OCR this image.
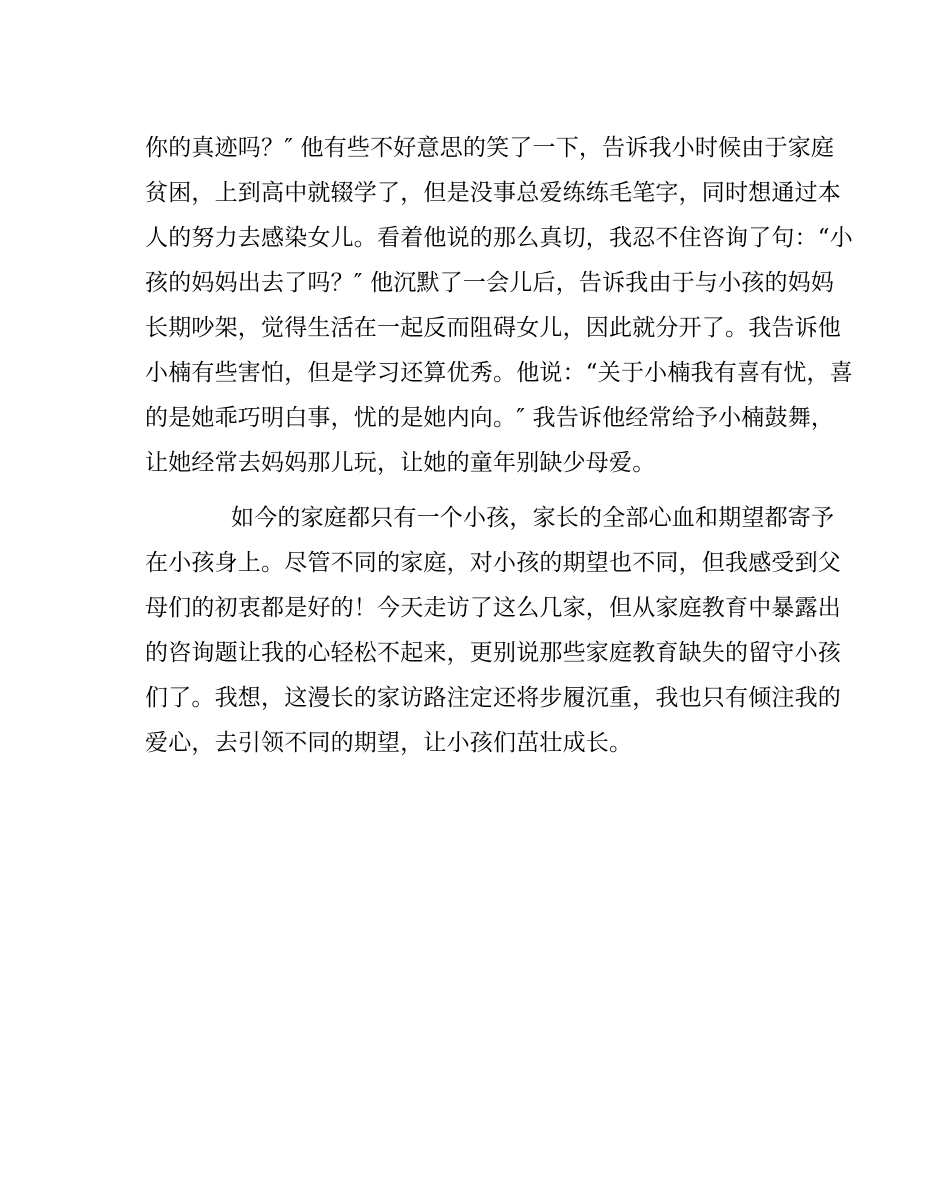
你的真迹吗？″ 他有些不好意思的笑了一下，告诉我小时候由于家庭
贫困，上到高中就辍学了，但是没事总爱练练毛笔字，同时想通过本
人的努力去感染女儿。看着他说的那么真切，我忍不住咨询了句：“小
孩的妈妈出去了吗？″ 他沉默了一会儿后，告诉我由于与小孩的妈妈
长期吵架，觉得生活在一起反而阻碍女儿，因此就分开了。我告诉他
小楠有些害怕，但是学习还算优秀。他说：“关于小楠我有喜有忧，喜
的是她乖巧明白事，忧的是她内向。″ 我告诉他经常给予小楠鼓舞，
让她经常去妈妈那儿玩，让她的童年别缺少母爱。
如今的家庭都只有一个小孩，家长的全部心血和期望都寄予
在小孩身上。尽管不同的家庭，对小孩的期望也不同，但我感受到父
母们的初衷都是好的！今天走访了这么几家，但从家庭教育中暴露出
的咨询题让我的心轻松不起来，更别说那些家庭教育缺失的留守小孩
们了。我想，这漫长的家访路注定还将步履沉重，我也只有倾注我的
爱心，去引领不同的期望，让小孩们茁壮成长。
